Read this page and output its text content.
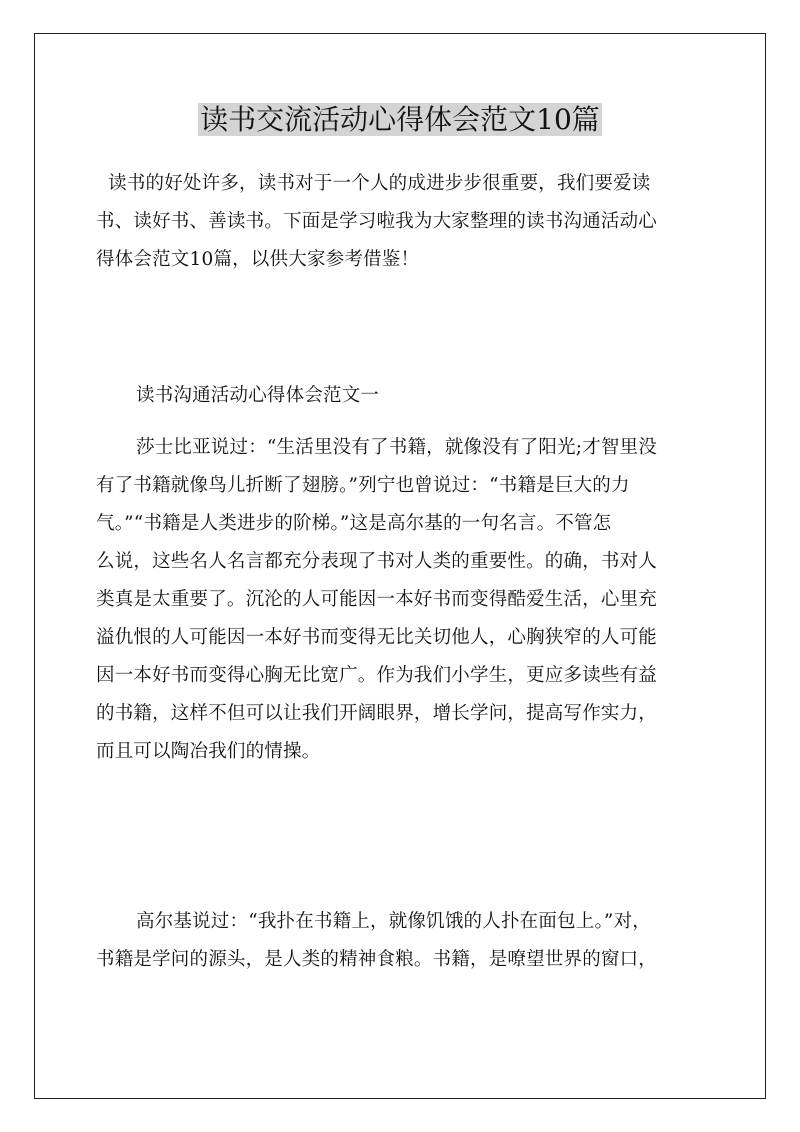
读书交流活动心得体会范文10篇

读书的好处许多，读书对于一个人的成进步步很重要，我们要爱读
书、读好书、善读书。下面是学习啦我为大家整理的读书沟通活动心
得体会范文10篇，以供大家参考借鉴！

读书沟通活动心得体会范文一

莎士比亚说过：“生活里没有了书籍，就像没有了阳光;才智里没
有了书籍就像鸟儿折断了翅膀。”列宁也曾说过：“书籍是巨大的力
气。”“书籍是人类进步的阶梯。”这是高尔基的一句名言。不管怎
么说，这些名人名言都充分表现了书对人类的重要性。的确，书对人
类真是太重要了。沉沦的人可能因一本好书而变得酷爱生活，心里充
溢仇恨的人可能因一本好书而变得无比关切他人，心胸狭窄的人可能
因一本好书而变得心胸无比宽广。作为我们小学生，更应多读些有益
的书籍，这样不但可以让我们开阔眼界，增长学问，提高写作实力，
而且可以陶冶我们的情操。

高尔基说过：“我扑在书籍上，就像饥饿的人扑在面包上。”对，
书籍是学问的源头，是人类的精神食粮。书籍，是嘹望世界的窗口，
